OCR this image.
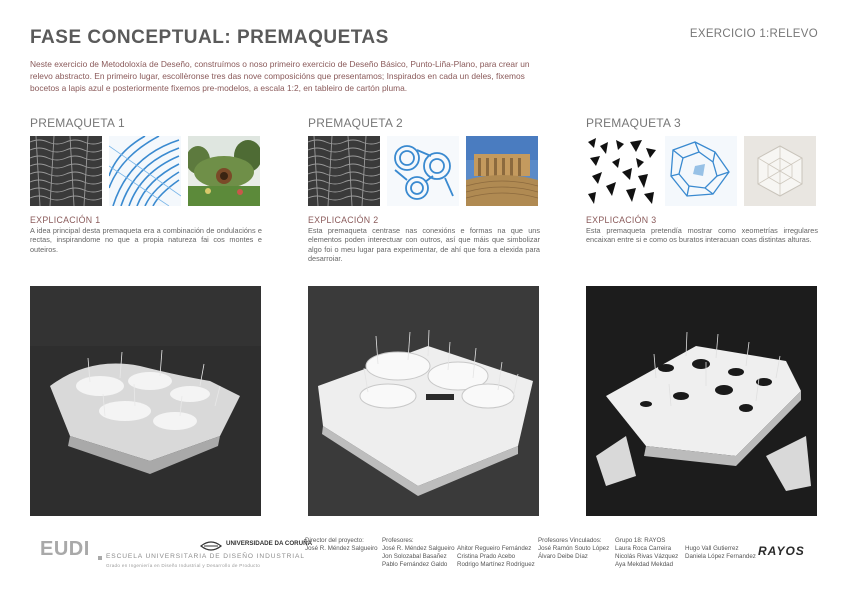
FASE CONCEPTUAL: PREMAQUETAS	EXERCICIO 1:RELEVO
Neste exercicio de Metodoloxía de Deseño, construímos o noso primeiro exercicio de Deseño Básico, Punto-Liña-Plano, para crear un relevo abstracto. En primeiro lugar, escollèronse tres das nove composicións que presentamos; Inspirados en cada un deles, fixemos bocetos a lapis azul e posteriormente fixemos pre-modelos, a escala 1:2, en tableiro de cartón pluma.
PREMAQUETA 1
EXPLICACIÓN 1
A idea principal desta premaqueta era a combinación de ondulacións e rectas, inspirandome no que a propia natureza fai cos montes e outeiros.
PREMAQUETA 2
EXPLICACIÓN 2
Esta premaqueta centrase nas conexións e formas na que uns elementos poden interectuar con outros, así que máis que simbolizar algo foi o meu lugar para experimentar, de ahí que fora a elexida para desarroiar.
PREMAQUETA 3
EXPLICACIÓN 3
Esta premaqueta pretendía mostrar como xeometrías irregulares encaixan entre si e como os buratos interacuan coas distintas alturas.
EUDI ESCUELA UNIVERSITARIA DE DISEÑO INDUSTRIAL
Grado en Ingeniería en Diseño Industrial y Desarrollo de Producto
UNIVERSIDADE DA CORUÑA
Director del proyecto:
José R. Méndez Salgueiro
Profesores:
José R. Méndez Salgueiro
Jon Solozabal Basañez
Pablo Fernández Galdo
Ahitor Regueiro Fernández
Cristina Prado Acebo
Rodrigo Martínez Rodríguez
Profesores Vinculados:
José Ramón Souto López
Álvaro Deibe Díaz
Grupo 18: RAYOS
Laura Roca Carreira
Nicolás Rivas Vázquez
Aya Mekdad Mekdad
Hugo Vall Gutierrez
Daniela López Fernandez RAYOS
